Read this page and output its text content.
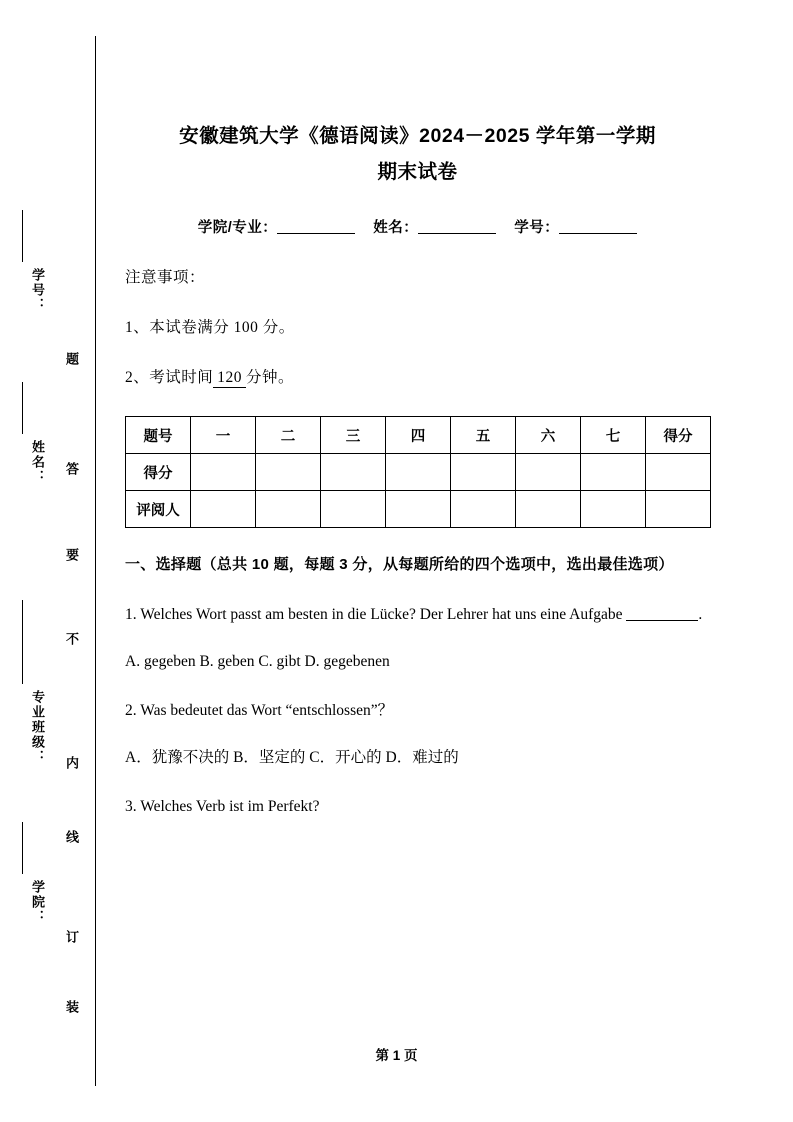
学号：
姓名：
专业班级：
学院：
题
答
要
不
内
线
订
装
安徽建筑大学《德语阅读》2024－2025 学年第一学期
期末试卷
学院/专业：	姓名：	学号：
注意事项：
1、本试卷满分 100 分。
2、考试时间 120 分钟。
题号	一	二	三	四	五	六	七	得分
得分								
评阅人								
一、选择题（总共 10 题，每题 3 分，从每题所给的四个选项中，选出最佳选项）
1. Welches Wort passt am besten in die Lücke? Der Lehrer hat uns eine Aufgabe	.
A. gegeben B. geben C. gibt D. gegebenen
2. Was bedeutet das Wort “entschlossen”？
A．犹豫不决的 B．坚定的 C．开心的 D．难过的
3. Welches Verb ist im Perfekt?
第 1 页
